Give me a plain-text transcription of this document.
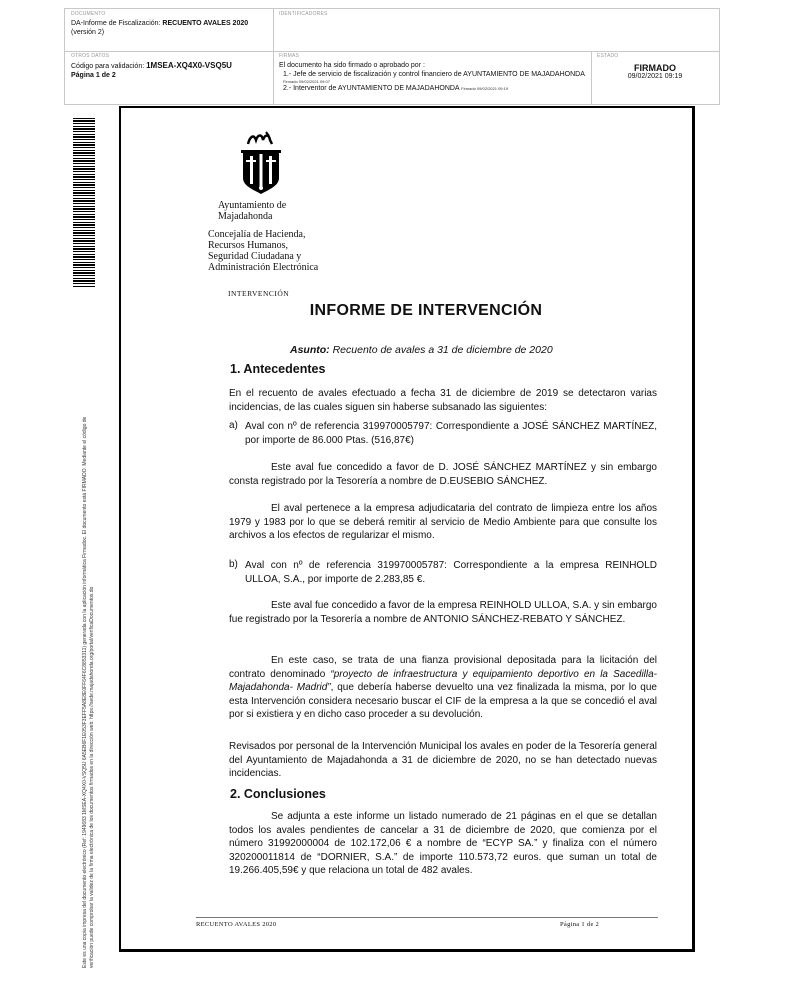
DOCUMENTO
DA-Informe de Fiscalización: RECUENTO AVALES 2020 (versión 2)
IDENTIFICADORES
OTROS DATOS
Código para validación: 1MSEA-XQ4X0-VSQ5U
Página 1 de 2
FIRMAS
El documento ha sido firmado o aprobado por :
1.- Jefe de servicio de fiscalización y control financiero de AYUNTAMIENTO DE MAJADAHONDA
Firmado 09/02/2021 09:07
2.- Interventor de AYUNTAMIENTO DE MAJADAHONDA Firmado 09/02/2021 09:19
ESTADO
FIRMADO
09/02/2021 09:19
Este es una copia impresa del documento electrónico (Ref: 1949683 1MSEA-XQ4X0-VSQ5U 6A5EB6F1E053F3EFF5A8E8E0FF64F6C8853311) generada con la aplicación informática Firmadoc. El documento está FIRMADO. Mediante el código de verificación puede comprobar la validez de la firma electrónica de los documentos firmados en la dirección web: https://sede.majadahonda.org/portal/verificaDocumentos.do
Ayuntamiento de
Majadahonda
Concejalía de Hacienda,
Recursos Humanos,
Seguridad Ciudadana y
Administración Electrónica
INTERVENCIÓN
INFORME DE INTERVENCIÓN
Asunto: Recuento de avales a 31 de diciembre de 2020
1. Antecedentes

En el recuento de avales efectuado a fecha 31 de diciembre de 2019 se detectaron varias incidencias, de las cuales siguen sin haberse subsanado las siguientes:

a) Aval con nº de referencia 319970005797: Correspondiente a JOSÉ SÁNCHEZ MARTÍNEZ, por importe de 86.000 Ptas. (516,87€)

Este aval fue concedido a favor de D. JOSÉ SÁNCHEZ MARTÍNEZ y sin embargo consta registrado por la Tesorería a nombre de D.EUSEBIO SÁNCHEZ.

El aval pertenece a la empresa adjudicataria del contrato de limpieza entre los años 1979 y 1983 por lo que se deberá remitir al servicio de Medio Ambiente para que consulte los archivos a los efectos de regularizar el mismo.

b) Aval con nº de referencia 319970005787: Correspondiente a la empresa REINHOLD ULLOA, S.A., por importe de 2.283,85 €.

Este aval fue concedido a favor de la empresa REINHOLD ULLOA, S.A. y sin embargo fue registrado por la Tesorería a nombre de ANTONIO SÁNCHEZ-REBATO Y SÁNCHEZ.

En este caso, se trata de una fianza provisional depositada para la licitación del contrato denominado “proyecto de infraestructura y equipamiento deportivo en la Sacedilla- Majadahonda- Madrid”, que debería haberse devuelto una vez finalizada la misma, por lo que esta Intervención considera necesario buscar el CIF de la empresa a la que se concedió el aval por si existiera y en dicho caso proceder a su devolución.

Revisados por personal de la Intervención Municipal los avales en poder de la Tesorería general del Ayuntamiento de Majadahonda a 31 de diciembre de 2020, no se han detectado nuevas incidencias.

2. Conclusiones

Se adjunta a este informe un listado numerado de 21 páginas en el que se detallan todos los avales pendientes de cancelar a 31 de diciembre de 2020, que comienza por el número 31992000004 de 102.172,06 € a nombre de “ECYP SA.” y finaliza con el número 320200011814 de “DORNIER, S.A.” de importe 110.573,72 euros. que suman un total de 19.266.405,59€ y que relaciona un total de 482 avales.

RECUENTO AVALES 2020	Página 1 de 2
